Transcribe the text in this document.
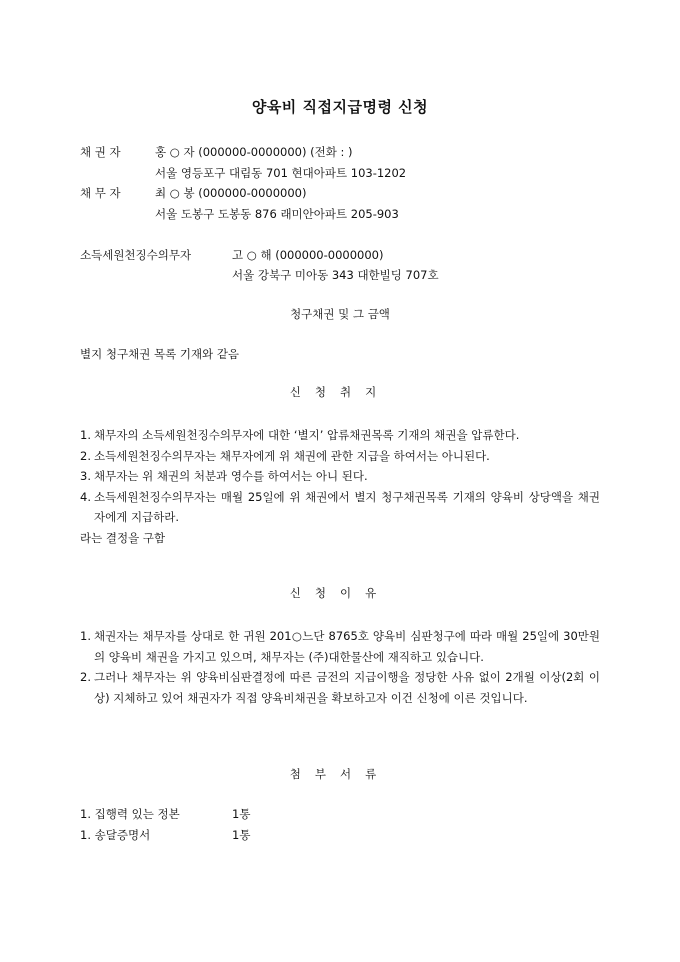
양육비 직접지급명령 신청
채 권 자	홍 ○ 자 (000000-0000000) (전화 : )
서울 영등포구 대림동 701 현대아파트 103-1202
채 무 자	최 ○ 봉 (000000-0000000)
서울 도봉구 도봉동 876 래미안아파트 205-903
소득세원천징수의무자	고 ○ 해 (000000-0000000)
서울 강북구 미아동 343 대한빌딩 707호
청구채권 및 그 금액
별지 청구채권 목록 기재와 같음
신청취지
1. 채무자의 소득세원천징수의무자에 대한 ‘별지’ 압류채권목록 기재의 채권을 압류한다.
2. 소득세원천징수의무자는 채무자에게 위 채권에 관한 지급을 하여서는 아니된다.
3. 채무자는 위 채권의 처분과 영수를 하여서는 아니 된다.
4. 소득세원천징수의무자는 매월 25일에 위 채권에서 별지 청구채권목록 기재의 양육비 상당액을 채권자에게 지급하라.
라는 결정을 구함
신청이유
1. 채권자는 채무자를 상대로 한 귀원 201○느단 8765호 양육비 심판청구에 따라 매월 25일에 30만원의 양육비 채권을 가지고 있으며, 채무자는 (주)대한물산에 재직하고 있습니다.
2. 그러나 채무자는 위 양육비심판결정에 따른 금전의 지급이행을 정당한 사유 없이 2개월 이상(2회 이상) 지체하고 있어 채권자가 직접 양육비채권을 확보하고자 이건 신청에 이른 것입니다.
첨부서류
1. 집행력 있는 정본	1통
1. 송달증명서	1통
